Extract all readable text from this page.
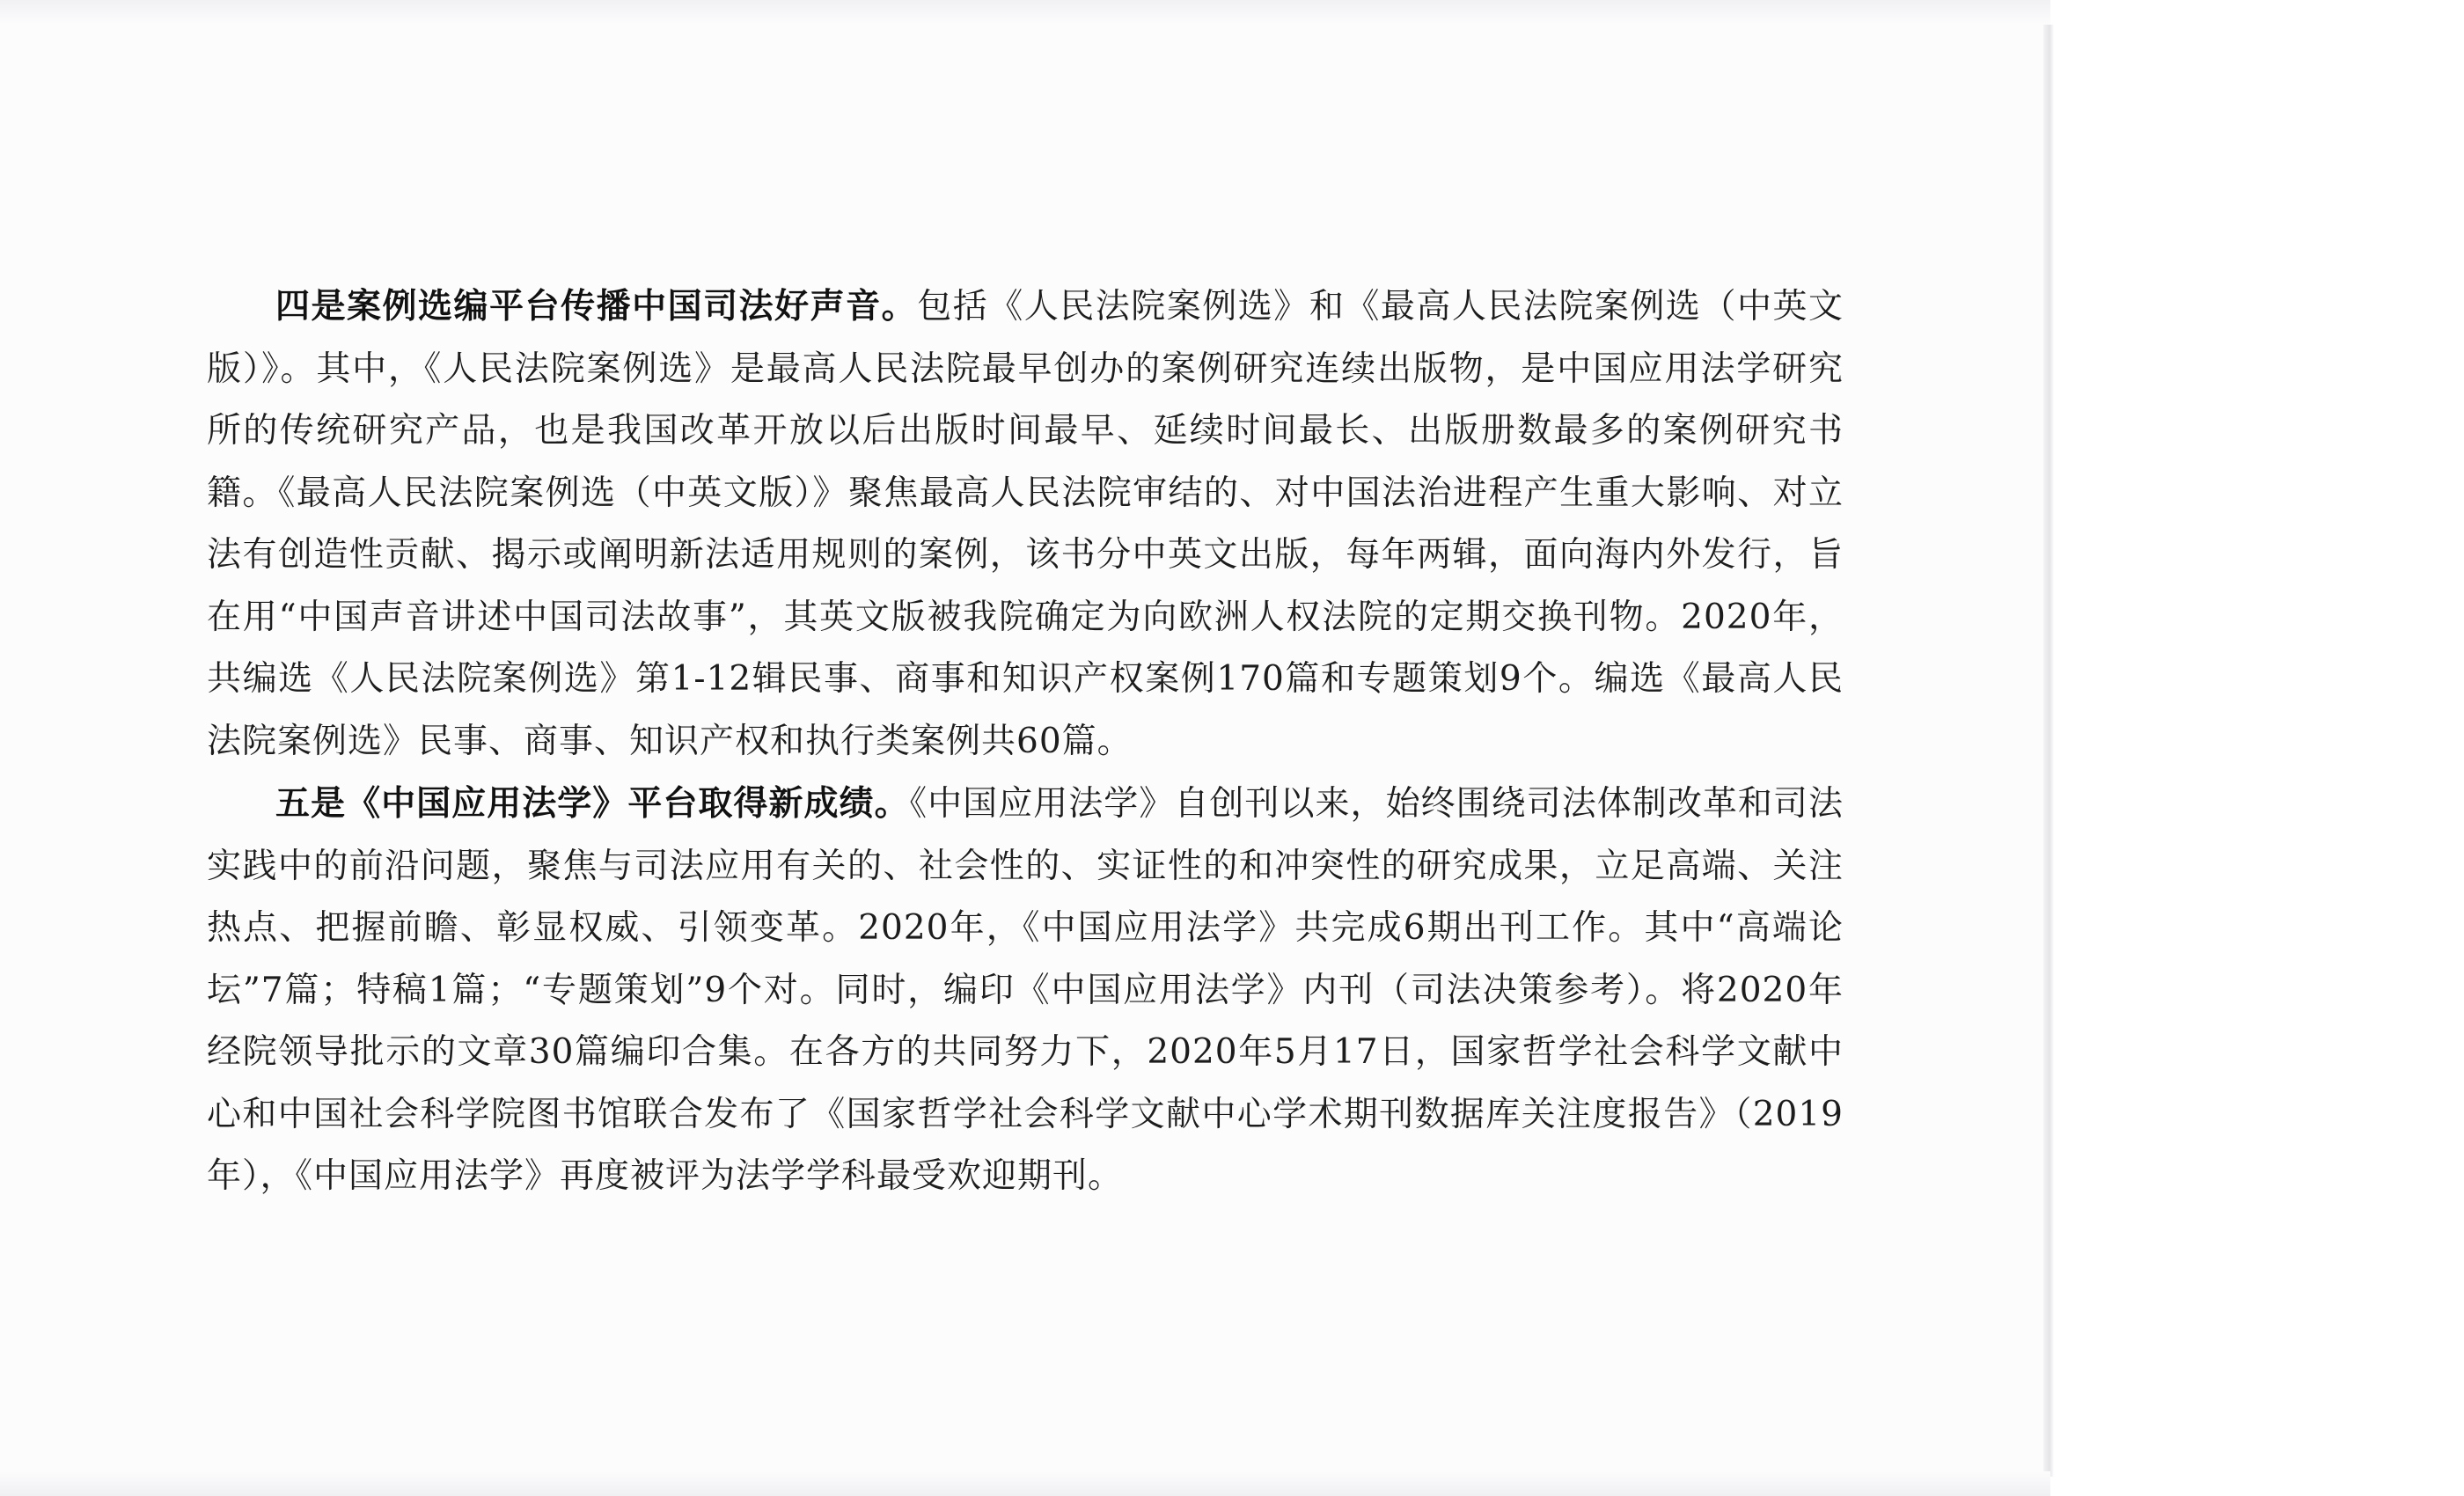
四是案例选编平台传播中国司法好声音。包括《人民法院案例选》和《最高人民法院案例选（中英文版）》。其中，《人民法院案例选》是最高人民法院最早创办的案例研究连续出版物，是中国应用法学研究所的传统研究产品，也是我国改革开放以后出版时间最早、延续时间最长、出版册数最多的案例研究书籍。《最高人民法院案例选（中英文版）》聚焦最高人民法院审结的、对中国法治进程产生重大影响、对立法有创造性贡献、揭示或阐明新法适用规则的案例，该书分中英文出版，每年两辑，面向海内外发行，旨在用“中国声音讲述中国司法故事”，其英文版被我院确定为向欧洲人权法院的定期交换刊物。2020年，共编选《人民法院案例选》第1-12辑民事、商事和知识产权案例170篇和专题策划9个。编选《最高人民法院案例选》民事、商事、知识产权和执行类案例共60篇。

五是《中国应用法学》平台取得新成绩。《中国应用法学》自创刊以来，始终围绕司法体制改革和司法实践中的前沿问题，聚焦与司法应用有关的、社会性的、实证性的和冲突性的研究成果，立足高端、关注热点、把握前瞻、彰显权威、引领变革。2020年，《中国应用法学》共完成6期出刊工作。其中“高端论坛”7篇；特稿1篇；“专题策划”9个对。同时，编印《中国应用法学》内刊（司法决策参考）。将2020年经院领导批示的文章30篇编印合集。在各方的共同努力下，2020年5月17日，国家哲学社会科学文献中心和中国社会科学院图书馆联合发布了《国家哲学社会科学文献中心学术期刊数据库关注度报告》（2019年），《中国应用法学》再度被评为法学学科最受欢迎期刊。
